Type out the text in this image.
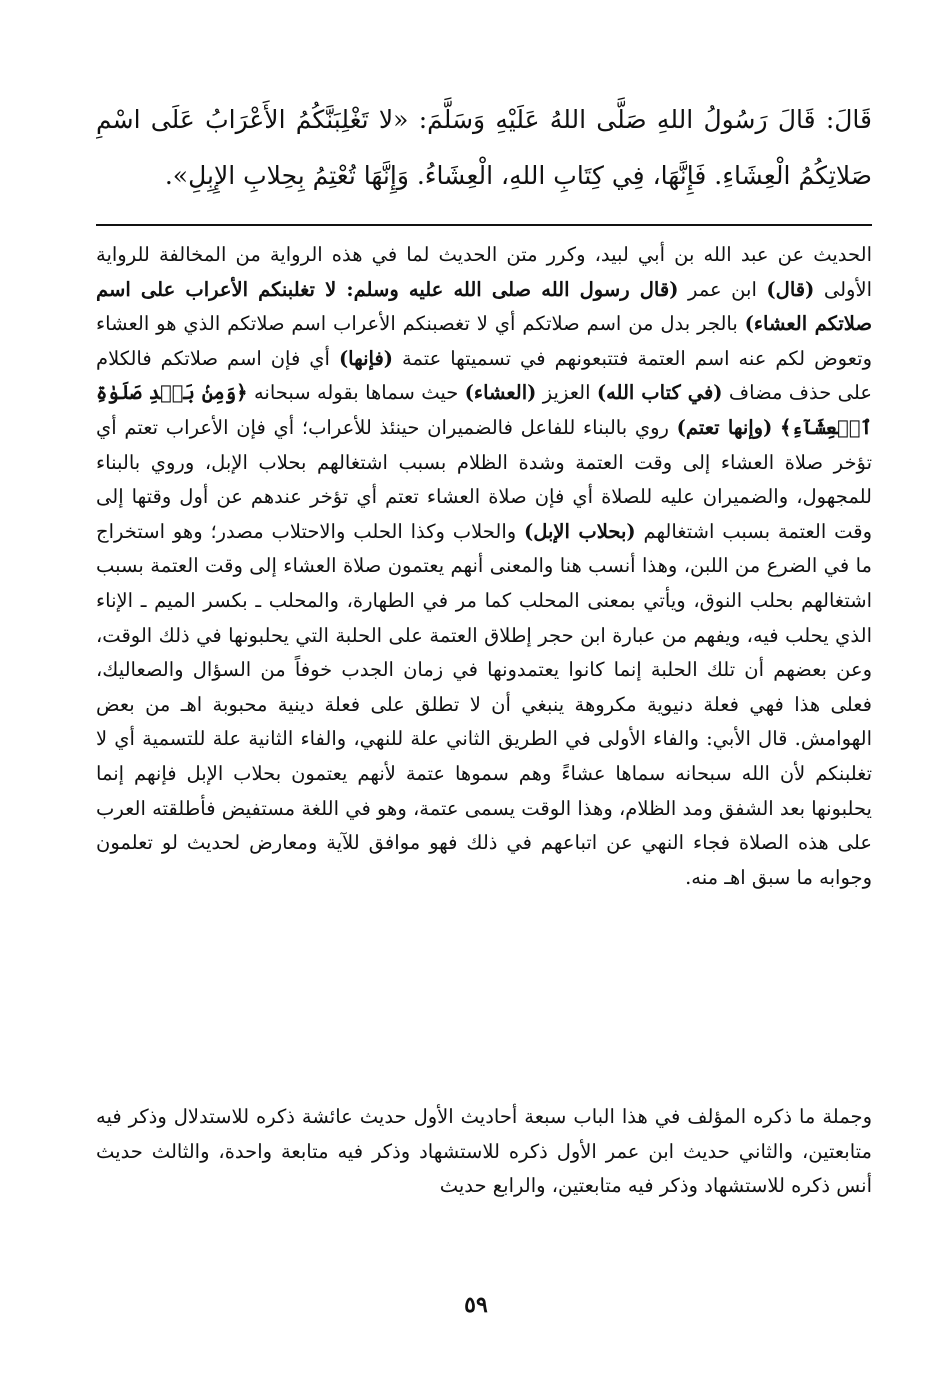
قَالَ: قَالَ رَسُولُ اللهِ صَلَّى اللهُ عَلَيْهِ وَسَلَّمَ: «لا تَغْلِبَنَّكُمُ الأَعْرَابُ عَلَى اسْمِ صَلاتِكُمُ الْعِشَاءِ. فَإِنَّهَا، فِي كِتَابِ اللهِ، الْعِشَاءُ. وَإِنَّهَا تُعْتِمُ بِحِلابِ الإِبِلِ».

الحديث عن عبد الله بن أبي لبيد، وكرر متن الحديث لما في هذه الرواية من المخالفة للرواية الأولى (قال) ابن عمر (قال رسول الله صلى الله عليه وسلم: لا تغلبنكم الأعراب على اسم صلاتكم العشاء) بالجر بدل من اسم صلاتكم أي لا تغصبنكم الأعراب اسم صلاتكم الذي هو العشاء وتعوض لكم عنه اسم العتمة فتتبعونهم في تسميتها عتمة (فإنها) أي فإن اسم صلاتكم فالكلام على حذف مضاف (في كتاب الله) العزيز (العشاء) حيث سماها بقوله سبحانه ﴿وَمِنۢ بَعۡدِ صَلَوٰةِ ٱلۡعِشَآءِ﴾ (وإنها تعتم) روي بالبناء للفاعل فالضميران حينئذ للأعراب؛ أي فإن الأعراب تعتم أي تؤخر صلاة العشاء إلى وقت العتمة وشدة الظلام بسبب اشتغالهم بحلاب الإبل، وروي بالبناء للمجهول، والضميران عليه للصلاة أي فإن صلاة العشاء تعتم أي تؤخر عندهم عن أول وقتها إلى وقت العتمة بسبب اشتغالهم (بحلاب الإبل) والحلاب وكذا الحلب والاحتلاب مصدر؛ وهو استخراج ما في الضرع من اللبن، وهذا أنسب هنا والمعنى أنهم يعتمون صلاة العشاء إلى وقت العتمة بسبب اشتغالهم بحلب النوق، ويأتي بمعنى المحلب كما مر في الطهارة، والمحلب ـ بكسر الميم ـ الإناء الذي يحلب فيه، ويفهم من عبارة ابن حجر إطلاق العتمة على الحلبة التي يحلبونها في ذلك الوقت، وعن بعضهم أن تلك الحلبة إنما كانوا يعتمدونها في زمان الجدب خوفاً من السؤال والصعاليك، فعلى هذا فهي فعلة دنيوية مكروهة ينبغي أن لا تطلق على فعلة دينية محبوبة اهـ من بعض الهوامش. قال الأبي: والفاء الأولى في الطريق الثاني علة للنهي، والفاء الثانية علة للتسمية أي لا تغلبنكم لأن الله سبحانه سماها عشاءً وهم سموها عتمة لأنهم يعتمون بحلاب الإبل فإنهم إنما يحلبونها بعد الشفق ومد الظلام، وهذا الوقت يسمى عتمة، وهو في اللغة مستفيض فأطلقته العرب على هذه الصلاة فجاء النهي عن اتباعهم في ذلك فهو موافق للآية ومعارض لحديث لو تعلمون وجوابه ما سبق اهـ منه.

وجملة ما ذكره المؤلف في هذا الباب سبعة أحاديث الأول حديث عائشة ذكره للاستدلال وذكر فيه متابعتين، والثاني حديث ابن عمر الأول ذكره للاستشهاد وذكر فيه متابعة واحدة، والثالث حديث أنس ذكره للاستشهاد وذكر فيه متابعتين، والرابع حديث

٥٩
